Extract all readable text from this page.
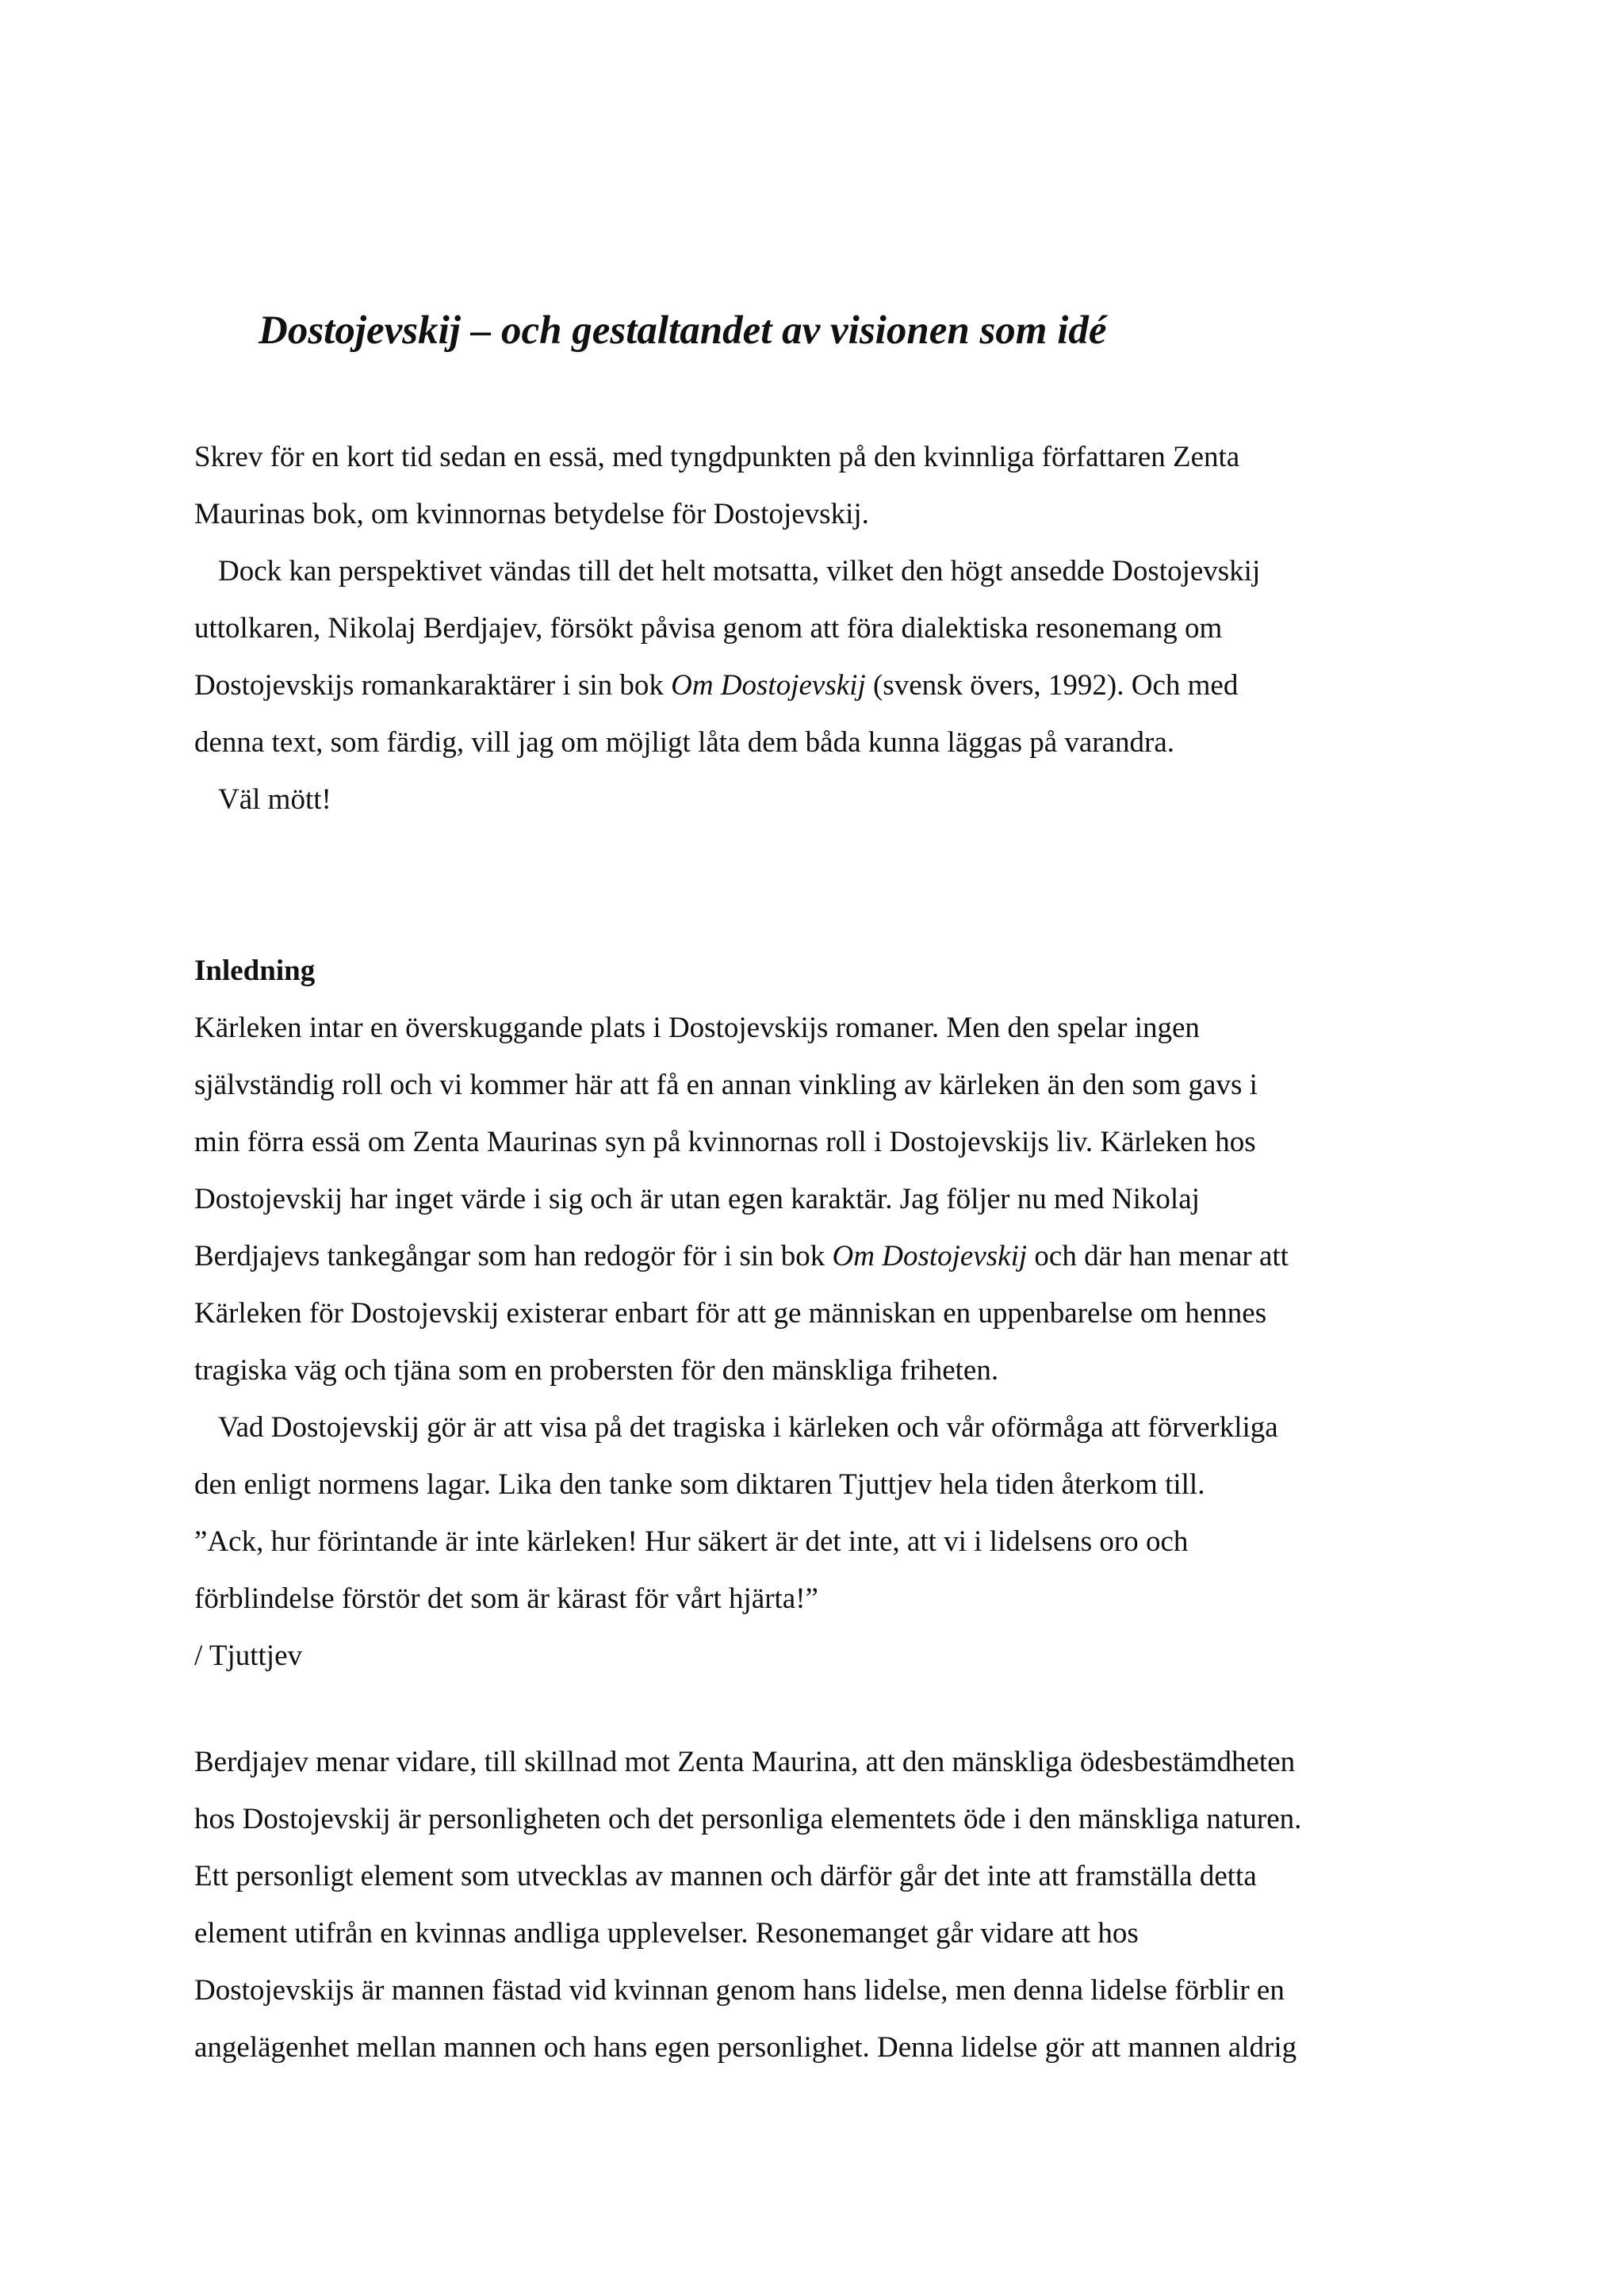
Dostojevskij – och gestaltandet av visionen som idé
Skrev för en kort tid sedan en essä, med tyngdpunkten på den kvinnliga författaren Zenta
Maurinas bok, om kvinnornas betydelse för Dostojevskij.
Dock kan perspektivet vändas till det helt motsatta, vilket den högt ansedde Dostojevskij
uttolkaren, Nikolaj Berdjajev, försökt påvisa genom att föra dialektiska resonemang om
Dostojevskijs romankaraktärer i sin bok Om Dostojevskij (svensk övers, 1992). Och med
denna text, som färdig, vill jag om möjligt låta dem båda kunna läggas på varandra.
Väl mött!
Inledning
Kärleken intar en överskuggande plats i Dostojevskijs romaner. Men den spelar ingen
självständig roll och vi kommer här att få en annan vinkling av kärleken än den som gavs i
min förra essä om Zenta Maurinas syn på kvinnornas roll i Dostojevskijs liv. Kärleken hos
Dostojevskij har inget värde i sig och är utan egen karaktär. Jag följer nu med Nikolaj
Berdjajevs tankegångar som han redogör för i sin bok Om Dostojevskij och där han menar att
Kärleken för Dostojevskij existerar enbart för att ge människan en uppenbarelse om hennes
tragiska väg och tjäna som en probersten för den mänskliga friheten.
Vad Dostojevskij gör är att visa på det tragiska i kärleken och vår oförmåga att förverkliga
den enligt normens lagar. Lika den tanke som diktaren Tjuttjev hela tiden återkom till.
”Ack, hur förintande är inte kärleken! Hur säkert är det inte, att vi i lidelsens oro och
förblindelse förstör det som är kärast för vårt hjärta!”
/ Tjuttjev
Berdjajev menar vidare, till skillnad mot Zenta Maurina, att den mänskliga ödesbestämdheten
hos Dostojevskij är personligheten och det personliga elementets öde i den mänskliga naturen.
Ett personligt element som utvecklas av mannen och därför går det inte att framställa detta
element utifrån en kvinnas andliga upplevelser. Resonemanget går vidare att hos
Dostojevskijs är mannen fästad vid kvinnan genom hans lidelse, men denna lidelse förblir en
angelägenhet mellan mannen och hans egen personlighet. Denna lidelse gör att mannen aldrig
